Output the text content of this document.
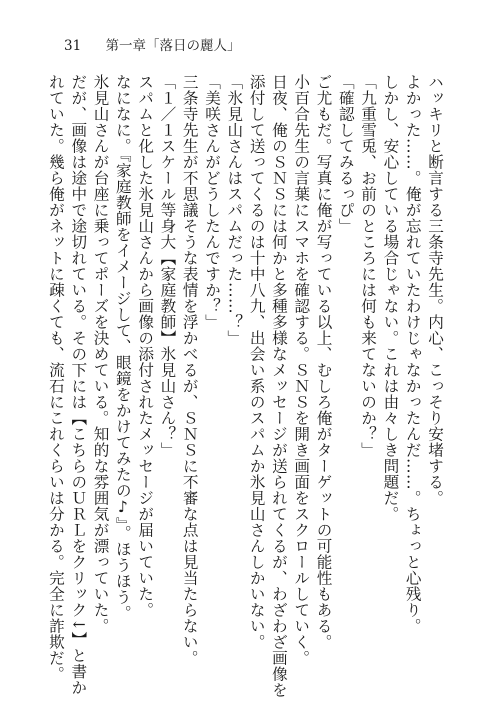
31 第一章「落日の麗人」
ハッキリと断言する三条寺先生。内心、こっそり安堵する。
よかった……。俺が忘れていたわけじゃなかったんだ……。ちょっと心残り。
しかし、安心している場合じゃない。これは由々しき問題だ。
「九重雪兎、お前のところには何も来てないのか？」
「確認してみるっぴ」
ご尤もだ。写真に俺が写っている以上、むしろ俺がターゲットの可能性もある。
小百合先生の言葉にスマホを確認する。ＳＮＳを開き画面をスクロールしていく。
日夜、俺のＳＮＳには何かと多種多様なメッセージが送られてくるが、わざわざ画像を
添付して送ってくるのは十中八九、出会い系のスパムか氷見山さんしかいない。
「氷見山さんはスパムだった……？」
「美咲さんがどうしたんですか？」
三条寺先生が不思議そうな表情を浮かべるが、ＳＮＳに不審な点は見当たらない。
「１／１スケール等身大【家庭教師】氷見山さん？」
スパムと化した氷見山さんから画像の添付されたメッセージが届いていた。
なになに。『家庭教師をイメージして、眼鏡をかけてみたの♪』。ほうほう。
氷見山さんが台座に乗ってポーズを決めている。知的な雰囲気が漂っていた。
だが、画像は途中で途切れている。その下には【こちらのＵＲＬをクリック↓】と書か
れていた。幾ら俺がネットに疎くても、流石にこれくらいは分かる。完全に詐欺だ。
